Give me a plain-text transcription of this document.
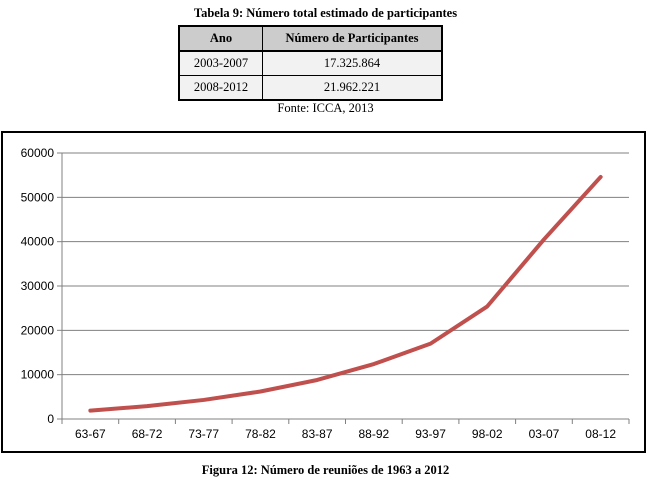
Tabela 9: Número total estimado de participantes
Ano	Número de Participantes
2003-2007	17.325.864
2008-2012	21.962.221
Fonte: ICCA, 2013
0
10000
20000
30000
40000
50000
60000
63-67 68-72 73-77 78-82 83-87 88-92 93-97 98-02 03-07 08-12
Figura 12: Número de reuniões de 1963 a 2012
